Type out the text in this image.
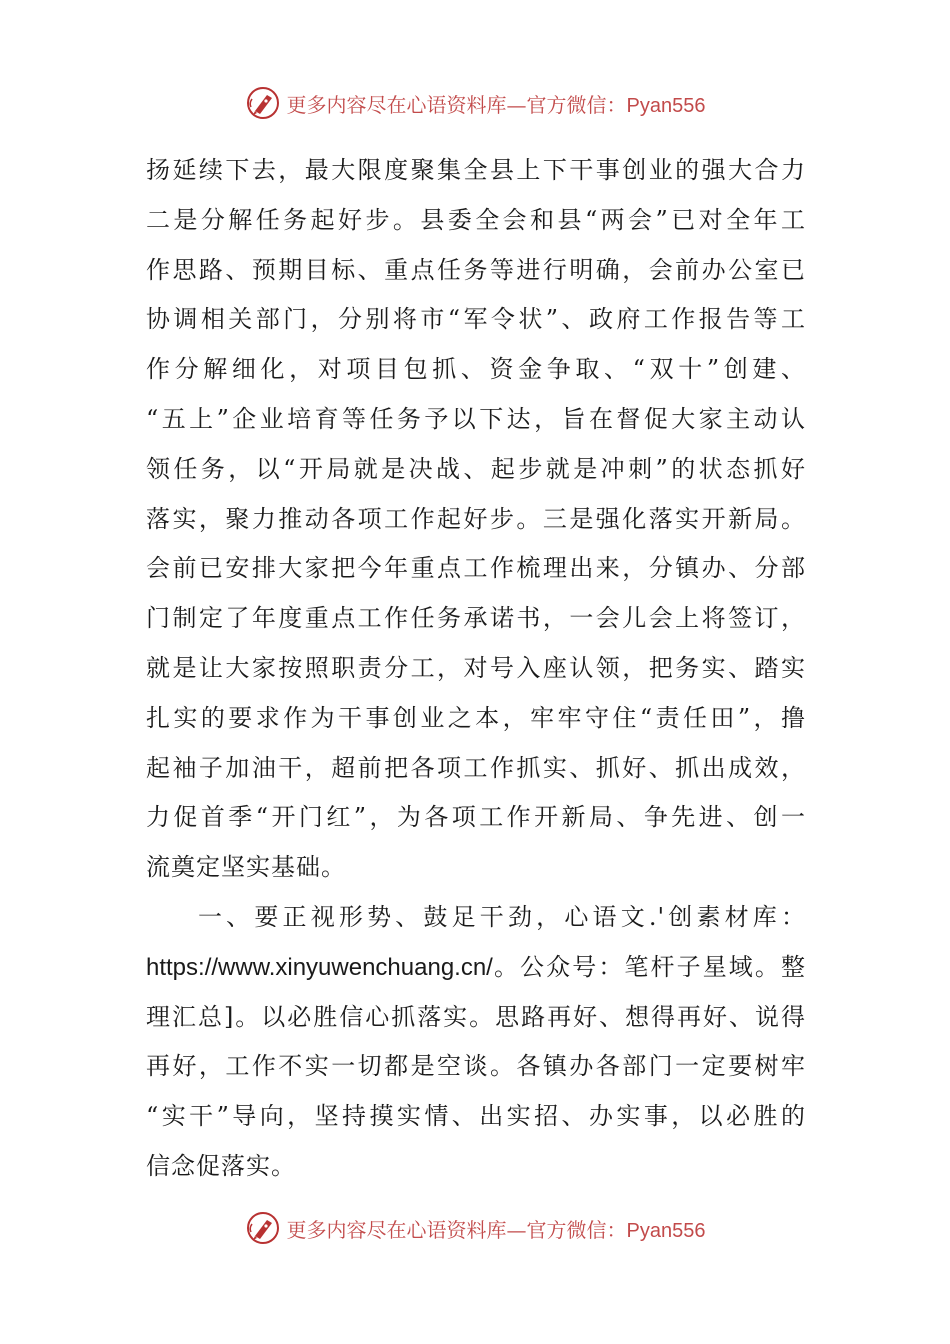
更多内容尽在心语资料库—官方微信：Pyan556
扬延续下去，最大限度聚集全县上下干事创业的强大合力
二是分解任务起好步。县委全会和县“两会”已对全年工
作思路、预期目标、重点任务等进行明确，会前办公室已
协调相关部门，分别将市“军令状”、政府工作报告等工
作分解细化，对项目包抓、资金争取、“双十”创建、
“五上”企业培育等任务予以下达，旨在督促大家主动认
领任务，以“开局就是决战、起步就是冲刺”的状态抓好
落实，聚力推动各项工作起好步。三是强化落实开新局。
会前已安排大家把今年重点工作梳理出来，分镇办、分部
门制定了年度重点工作任务承诺书，一会儿会上将签订，
就是让大家按照职责分工，对号入座认领，把务实、踏实
扎实的要求作为干事创业之本，牢牢守住“责任田”，撸
起袖子加油干，超前把各项工作抓实、抓好、抓出成效，
力促首季“开门红”，为各项工作开新局、争先进、创一
流奠定坚实基础。
一、要正视形势、鼓足干劲，心语文.'创素材库：
https://www.xinyuwenchuang.cn/。公众号：笔杆子星域。整
理汇总]。以必胜信心抓落实。思路再好、想得再好、说得
再好，工作不实一切都是空谈。各镇办各部门一定要树牢
“实干”导向，坚持摸实情、出实招、办实事，以必胜的
信念促落实。
更多内容尽在心语资料库—官方微信：Pyan556
